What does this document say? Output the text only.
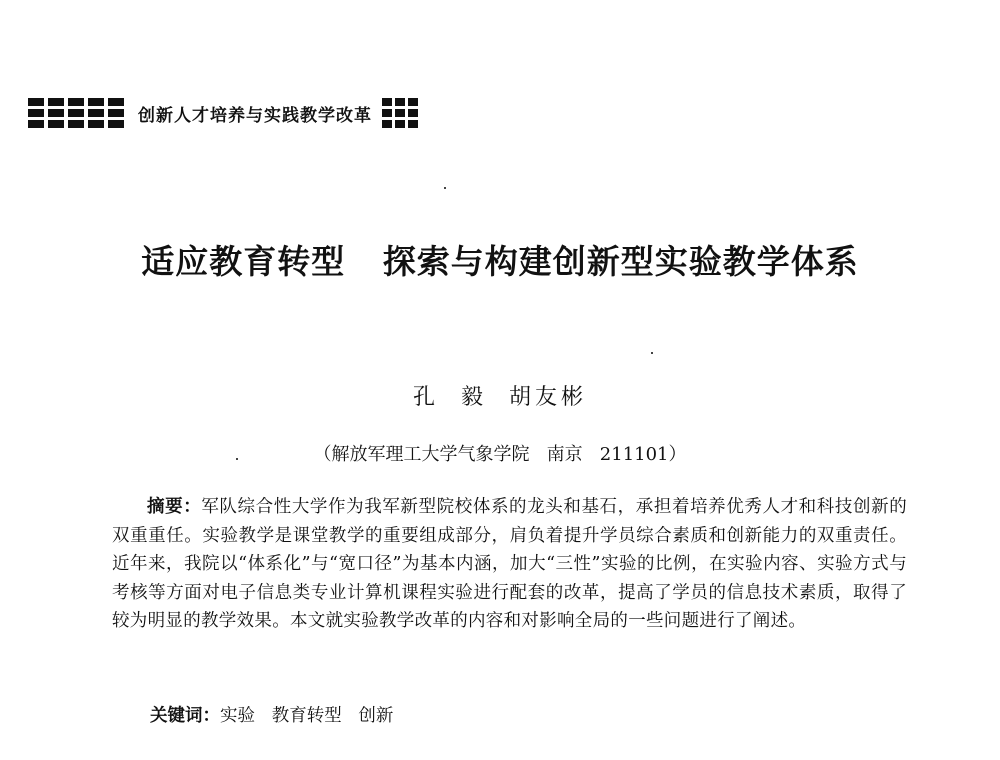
创新人才培养与实践教学改革
适应教育转型   探索与构建创新型实验教学体系
孔  毅  胡友彬
（解放军理工大学气象学院   南京   211101）
摘要：军队综合性大学作为我军新型院校体系的龙头和基石，承担着培养优秀人才和科技创新的双重重任。实验教学是课堂教学的重要组成部分，肩负着提升学员综合素质和创新能力的双重责任。近年来，我院以“体系化”与“宽口径”为基本内涵，加大“三性”实验的比例，在实验内容、实验方式与考核等方面对电子信息类专业计算机课程实验进行配套的改革，提高了学员的信息技术素质，取得了较为明显的教学效果。本文就实验教学改革的内容和对影响全局的一些问题进行了阐述。
关键词：实验   教育转型   创新
